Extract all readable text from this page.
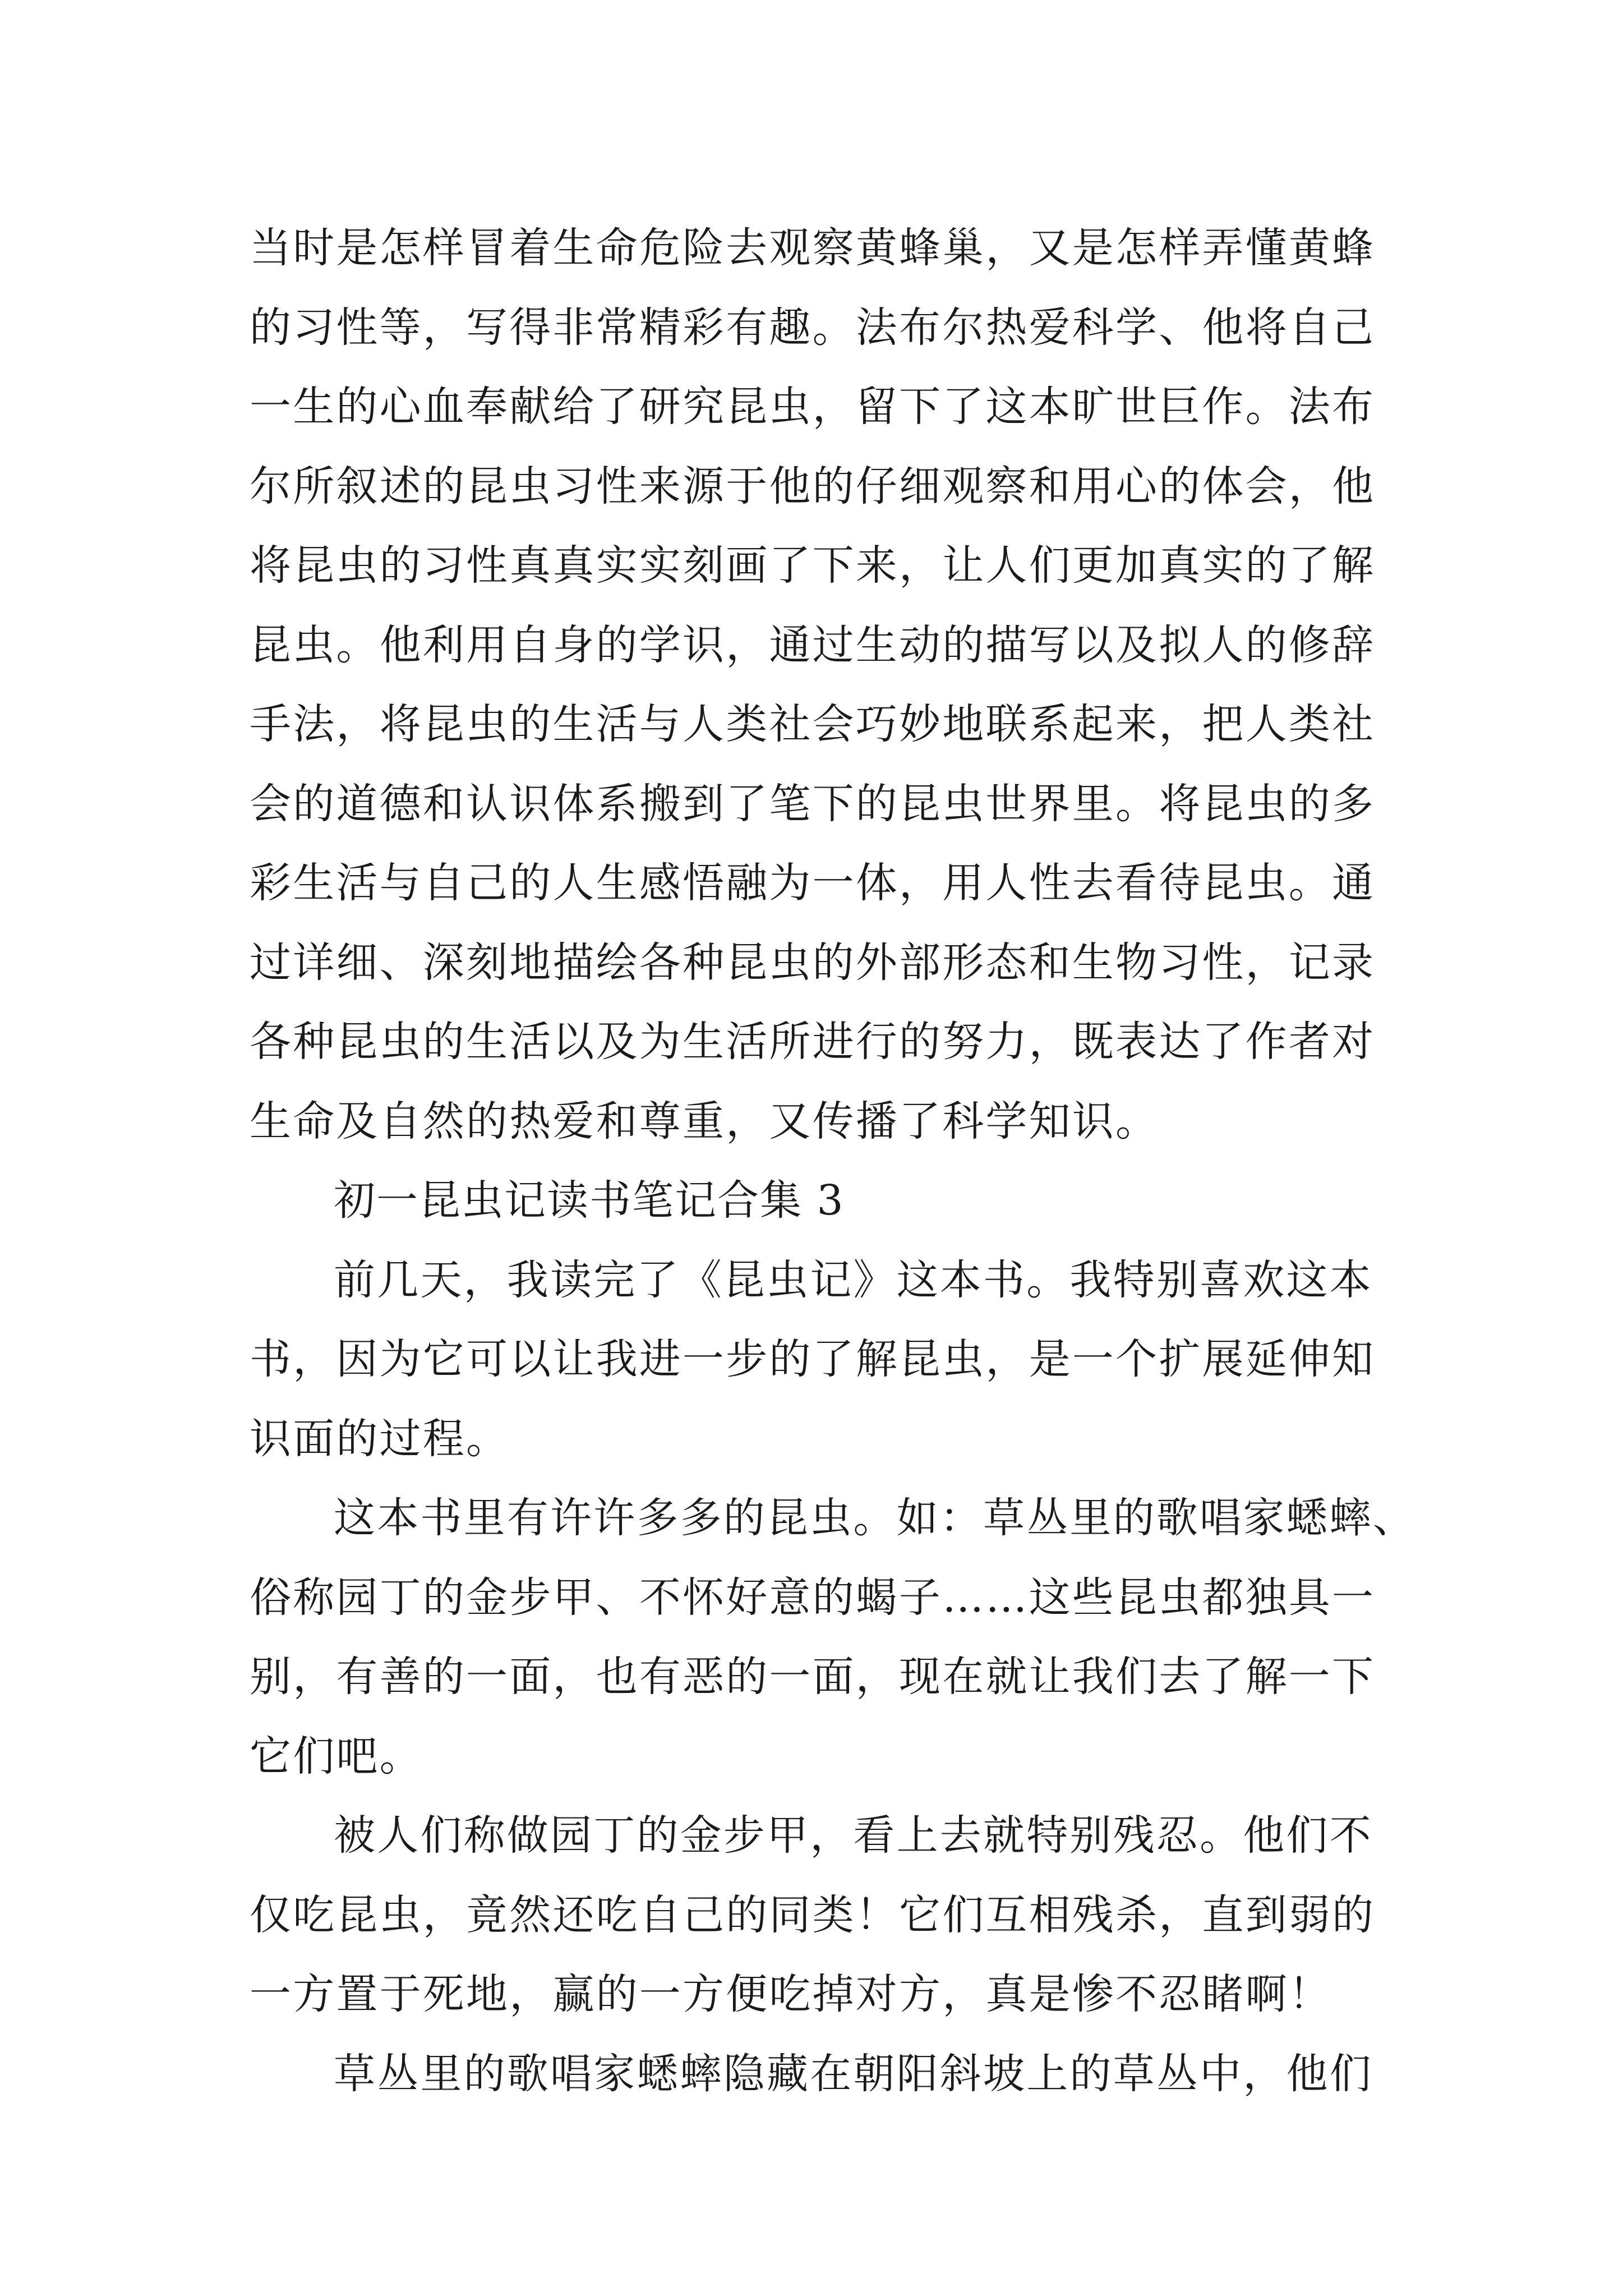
当时是怎样冒着生命危险去观察黄蜂巢，又是怎样弄懂黄蜂
的习性等，写得非常精彩有趣。法布尔热爱科学、他将自己
一生的心血奉献给了研究昆虫，留下了这本旷世巨作。法布
尔所叙述的昆虫习性来源于他的仔细观察和用心的体会，他
将昆虫的习性真真实实刻画了下来，让人们更加真实的了解
昆虫。他利用自身的学识，通过生动的描写以及拟人的修辞
手法，将昆虫的生活与人类社会巧妙地联系起来，把人类社
会的道德和认识体系搬到了笔下的昆虫世界里。将昆虫的多
彩生活与自己的人生感悟融为一体，用人性去看待昆虫。通
过详细、深刻地描绘各种昆虫的外部形态和生物习性，记录
各种昆虫的生活以及为生活所进行的努力，既表达了作者对
生命及自然的热爱和尊重，又传播了科学知识。
初一昆虫记读书笔记合集 3
前几天，我读完了《昆虫记》这本书。我特别喜欢这本
书，因为它可以让我进一步的了解昆虫，是一个扩展延伸知
识面的过程。
这本书里有许许多多的昆虫。如：草丛里的歌唱家蟋蟀、
俗称园丁的金步甲、不怀好意的蝎子……这些昆虫都独具一
别，有善的一面，也有恶的一面，现在就让我们去了解一下
它们吧。
被人们称做园丁的金步甲，看上去就特别残忍。他们不
仅吃昆虫，竟然还吃自己的同类！它们互相残杀，直到弱的
一方置于死地，赢的一方便吃掉对方，真是惨不忍睹啊！
草丛里的歌唱家蟋蟀隐藏在朝阳斜坡上的草丛中，他们
